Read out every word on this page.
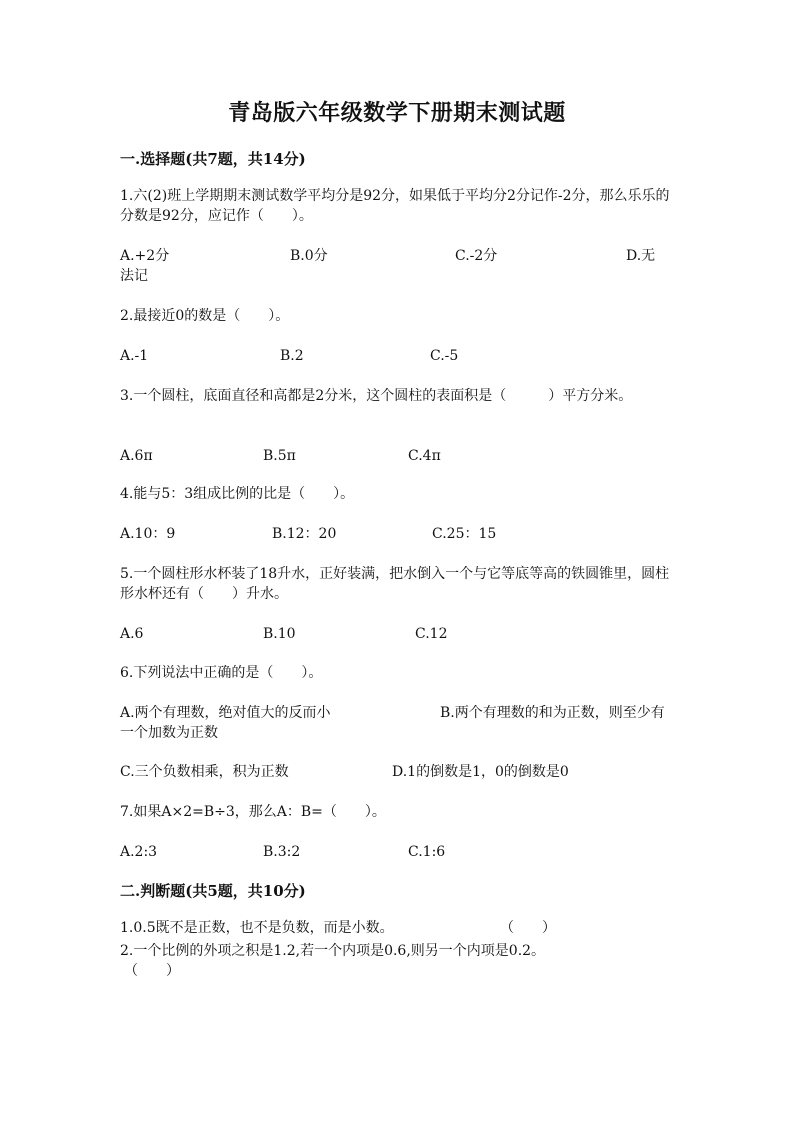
青岛版六年级数学下册期末测试题
一.选择题(共7题，共14分)
1.六(2)班上学期期末测试数学平均分是92分，如果低于平均分2分记作-2分，那么乐乐的分数是92分，应记作（　　）。
A.+2分	B.0分	C.-2分	D.无法记
2.最接近0的数是（　　）。
A.-1	B.2	C.-5
3.一个圆柱，底面直径和高都是2分米，这个圆柱的表面积是（　　　）平方分米。
A.6π	B.5π	C.4π
4.能与5：3组成比例的比是（　　）。
A.10：9	B.12：20	C.25：15
5.一个圆柱形水杯装了18升水，正好装满，把水倒入一个与它等底等高的铁圆锥里，圆柱形水杯还有（　　）升水。
A.6	B.10	C.12
6.下列说法中正确的是（　　）。
A.两个有理数，绝对值大的反而小	B.两个有理数的和为正数，则至少有一个加数为正数
C.三个负数相乘，积为正数	D.1的倒数是1，0的倒数是0
7.如果A×2=B÷3，那么A：B=（　　）。
A.2:3	B.3:2	C.1:6
二.判断题(共5题，共10分)
1.0.5既不是正数，也不是负数，而是小数。	（　　）
2.一个比例的外项之积是1.2,若一个内项是0.6,则另一个内项是0.2。
（　　）
